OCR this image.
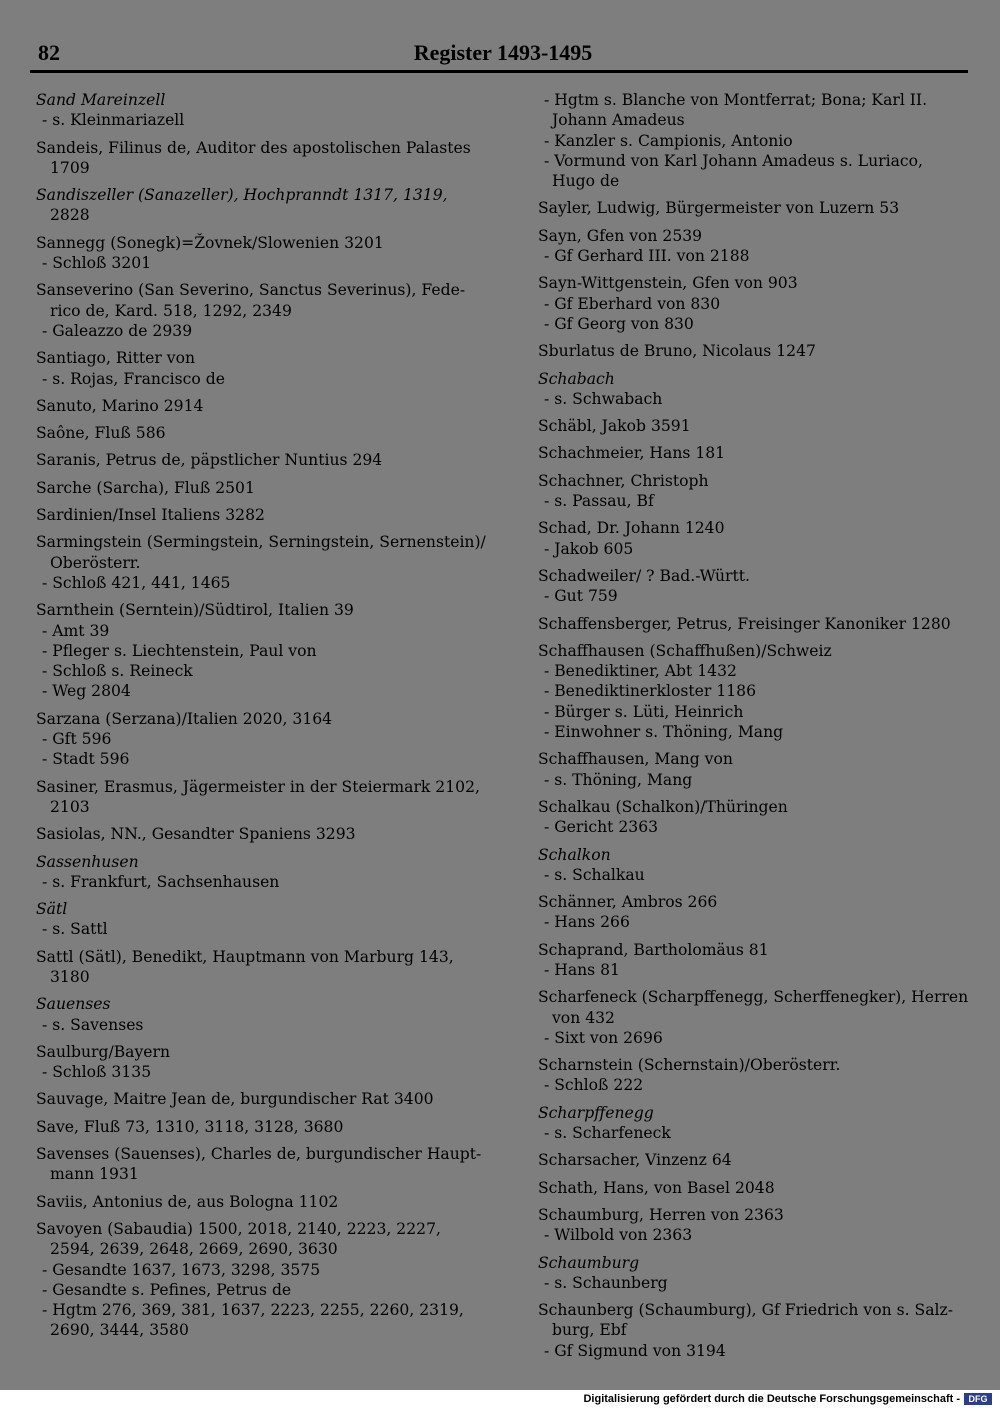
Register 1493-1495
82
Sand Mareinzell
- s. Kleinmariazell
Sandeis, Filinus de, Auditor des apostolischen Palastes
1709
Sandiszeller (Sanazeller), Hochpranndt 1317, 1319,
2828
Sannegg (Sonegk)=Žovnek/Slowenien 3201
- Schloß 3201
Sanseverino (San Severino, Sanctus Severinus), Fede-
rico de, Kard. 518, 1292, 2349
- Galeazzo de 2939
Santiago, Ritter von
- s. Rojas, Francisco de
Sanuto, Marino 2914
Saône, Fluß 586
Saranis, Petrus de, päpstlicher Nuntius 294
Sarche (Sarcha), Fluß 2501
Sardinien/Insel Italiens 3282
Sarmingstein (Sermingstein, Serningstein, Sernenstein)/
Oberösterr.
- Schloß 421, 441, 1465
Sarnthein (Serntein)/Südtirol, Italien 39
- Amt 39
- Pfleger s. Liechtenstein, Paul von
- Schloß s. Reineck
- Weg 2804
Sarzana (Serzana)/Italien 2020, 3164
- Gft 596
- Stadt 596
Sasiner, Erasmus, Jägermeister in der Steiermark 2102,
2103
Sasiolas, NN., Gesandter Spaniens 3293
Sassenhusen
- s. Frankfurt, Sachsenhausen
Sätl
- s. Sattl
Sattl (Sätl), Benedikt, Hauptmann von Marburg 143,
3180
Sauenses
- s. Savenses
Saulburg/Bayern
- Schloß 3135
Sauvage, Maitre Jean de, burgundischer Rat 3400
Save, Fluß 73, 1310, 3118, 3128, 3680
Savenses (Sauenses), Charles de, burgundischer Haupt-
mann 1931
Saviis, Antonius de, aus Bologna 1102
Savoyen (Sabaudia) 1500, 2018, 2140, 2223, 2227,
2594, 2639, 2648, 2669, 2690, 3630
- Gesandte 1637, 1673, 3298, 3575
- Gesandte s. Pefines, Petrus de
- Hgtm 276, 369, 381, 1637, 2223, 2255, 2260, 2319,
2690, 3444, 3580
- Hgtm s. Blanche von Montferrat; Bona; Karl II.
Johann Amadeus
- Kanzler s. Campionis, Antonio
- Vormund von Karl Johann Amadeus s. Luriaco,
Hugo de
Sayler, Ludwig, Bürgermeister von Luzern 53
Sayn, Gfen von 2539
- Gf Gerhard III. von 2188
Sayn-Wittgenstein, Gfen von 903
- Gf Eberhard von 830
- Gf Georg von 830
Sburlatus de Bruno, Nicolaus 1247
Schabach
- s. Schwabach
Schäbl, Jakob 3591
Schachmeier, Hans 181
Schachner, Christoph
- s. Passau, Bf
Schad, Dr. Johann 1240
- Jakob 605
Schadweiler/ ? Bad.-Württ.
- Gut 759
Schaffensberger, Petrus, Freisinger Kanoniker 1280
Schaffhausen (Schaffhußen)/Schweiz
- Benediktiner, Abt 1432
- Benediktinerkloster 1186
- Bürger s. Lüti, Heinrich
- Einwohner s. Thöning, Mang
Schaffhausen, Mang von
- s. Thöning, Mang
Schalkau (Schalkon)/Thüringen
- Gericht 2363
Schalkon
- s. Schalkau
Schänner, Ambros 266
- Hans 266
Schaprand, Bartholomäus 81
- Hans 81
Scharfeneck (Scharpffenegg, Scherffenegker), Herren
von 432
- Sixt von 2696
Scharnstein (Schernstain)/Oberösterr.
- Schloß 222
Scharpffenegg
- s. Scharfeneck
Scharsacher, Vinzenz 64
Schath, Hans, von Basel 2048
Schaumburg, Herren von 2363
- Wilbold von 2363
Schaumburg
- s. Schaunberg
Schaunberg (Schaumburg), Gf Friedrich von s. Salz-
burg, Ebf
- Gf Sigmund von 3194
Digitalisierung gefördert durch die Deutsche Forschungsgemeinschaft - DFG
